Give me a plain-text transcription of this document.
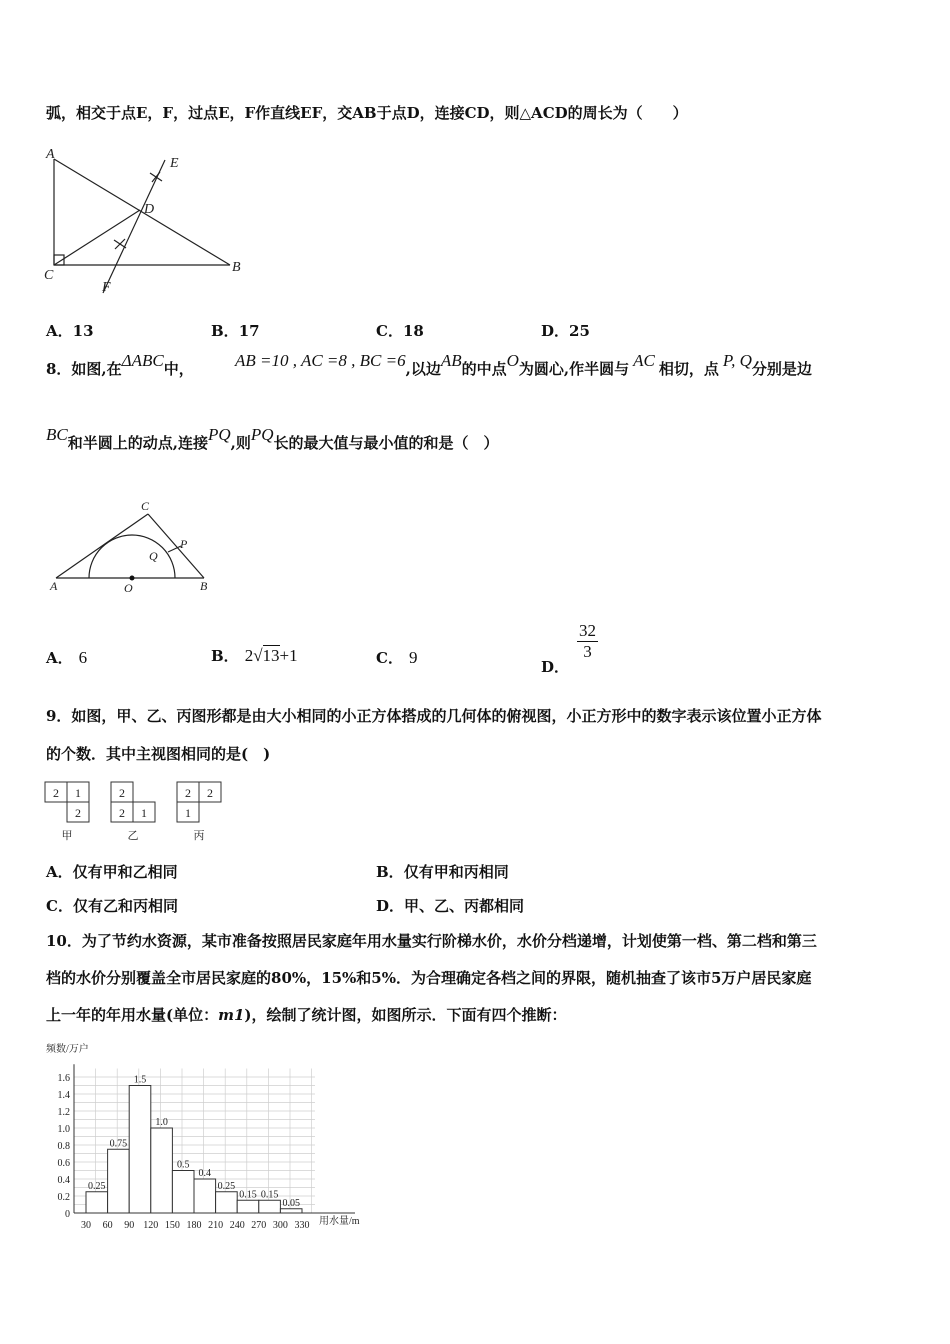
弧，相交于点E，F，过点E，F作直线EF，交AB于点D，连接CD，则△ACD的周长为（　　）
A
E
D
C
B
F
A．13	B．17	C．18	D．25
8．如图,在ΔABC中， AB =10 , AC =8 , BC =6,以边AB的中点O为圆心,作半圆与 AC 相切，点 P, Q分别是边
BC和半圆上的动点,连接PQ,则PQ长的最大值与最小值的和是（　）
C
P
Q
A	O	B
A． 6	B． 2√13+1	C． 9	D．
$\frac{32}{3}$
9．如图，甲、乙、丙图形都是由大小相同的小正方体搭成的几何体的俯视图，小正方形中的数字表示该位置小正方体
的个数．其中主视图相同的是(　)
2 1
2
2
2 1
2 2
1
甲	乙	丙
A．仅有甲和乙相同	B．仅有甲和丙相同
C．仅有乙和丙相同	D．甲、乙、丙都相同
10．为了节约水资源，某市准备按照居民家庭年用水量实行阶梯水价，水价分档递增，计划使第一档、第二档和第三
档的水价分别覆盖全市居民家庭的80%，15%和5%．为合理确定各档之间的界限，随机抽查了该市5万户居民家庭
上一年的年用水量(单位：m1)，绘制了统计图，如图所示．下面有四个推断：
0
0.2
0.4
0.6
0.8
1.0
1.2
1.4
1.6
30 60 90 120 150 180 210 240 270 300 330
0.25
0.75
1.5
1.0
0.5
0.4
0.25
0.15 0.15
0.05
频数/万户
用水量/m
